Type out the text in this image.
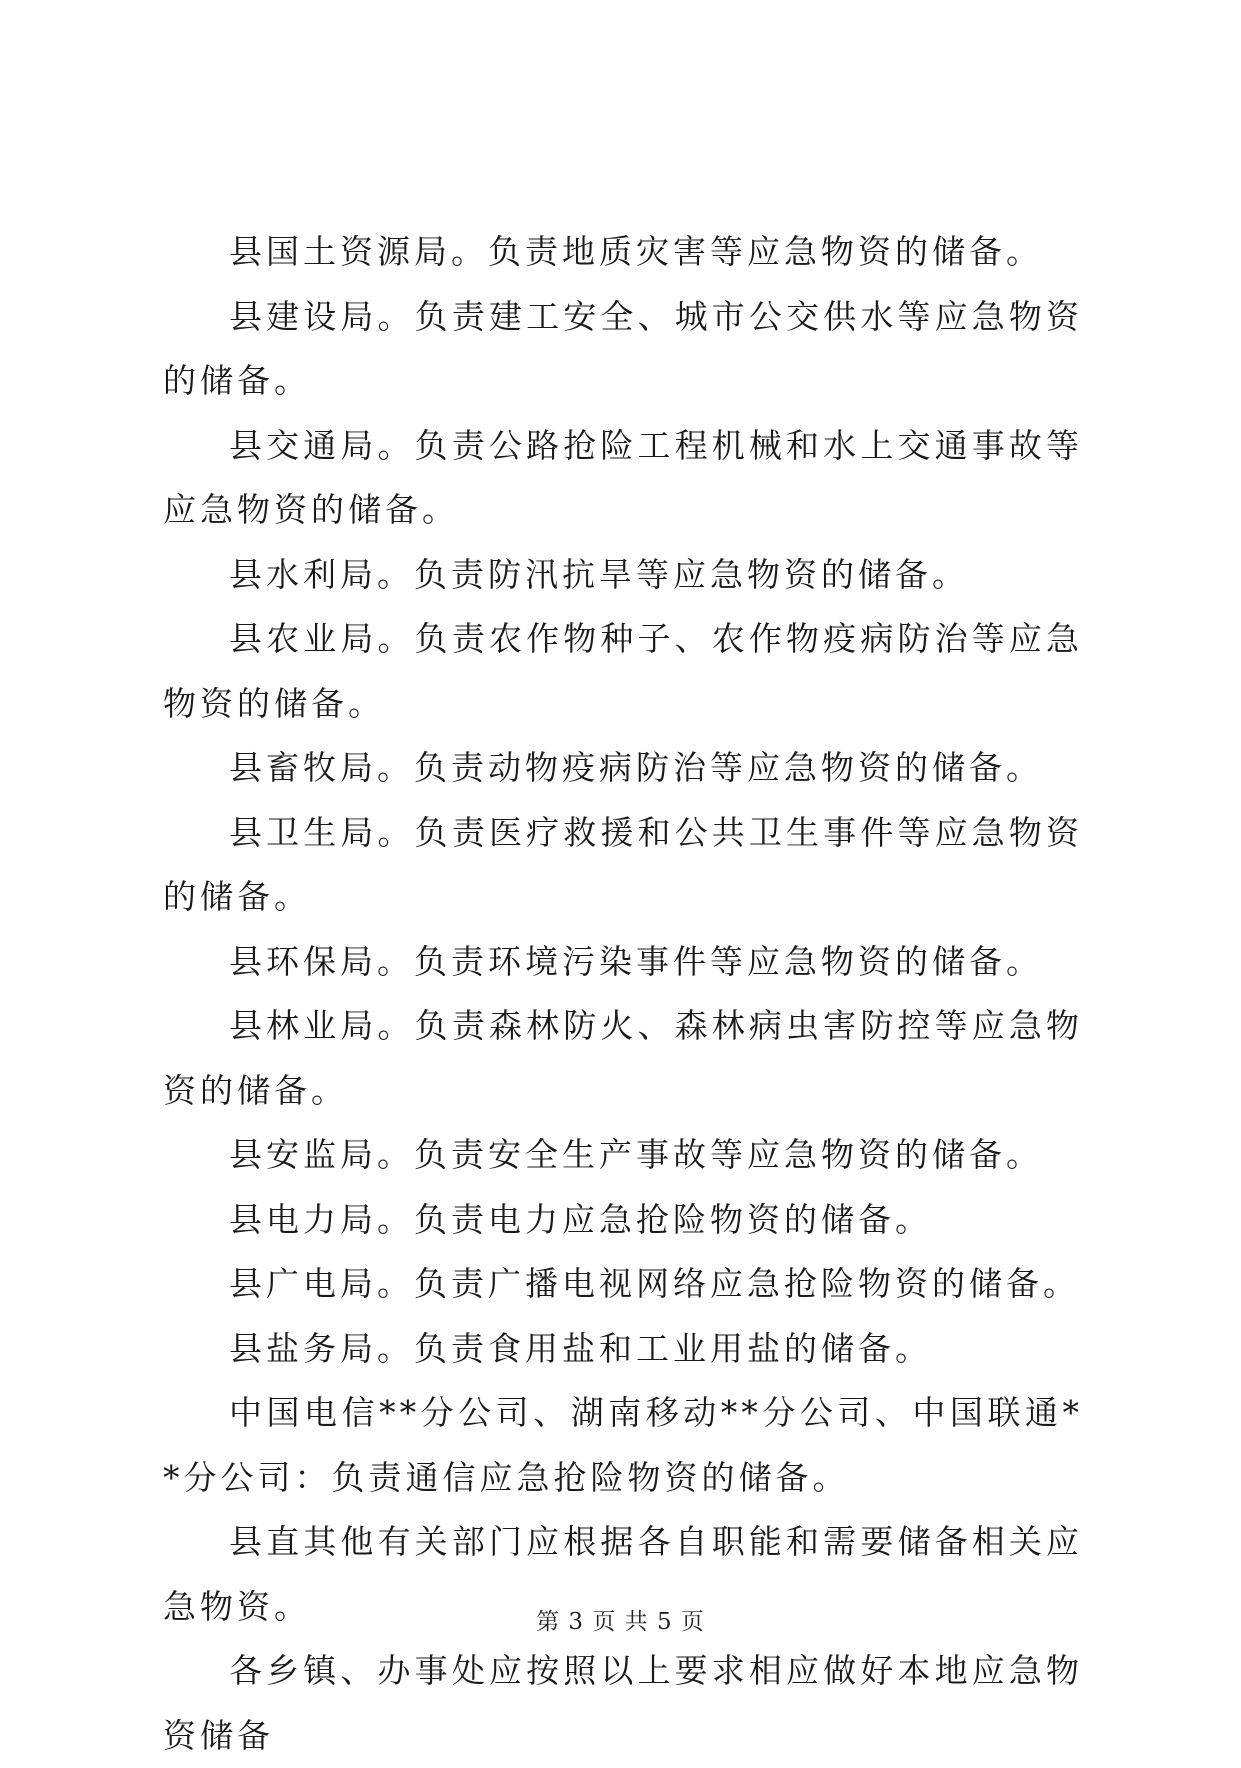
县国土资源局。负责地质灾害等应急物资的储备。

县建设局。负责建工安全、城市公交供水等应急物资的储备。

县交通局。负责公路抢险工程机械和水上交通事故等应急物资的储备。

县水利局。负责防汛抗旱等应急物资的储备。

县农业局。负责农作物种子、农作物疫病防治等应急物资的储备。

县畜牧局。负责动物疫病防治等应急物资的储备。

县卫生局。负责医疗救援和公共卫生事件等应急物资的储备。

县环保局。负责环境污染事件等应急物资的储备。

县林业局。负责森林防火、森林病虫害防控等应急物资的储备。

县安监局。负责安全生产事故等应急物资的储备。

县电力局。负责电力应急抢险物资的储备。

县广电局。负责广播电视网络应急抢险物资的储备。

县盐务局。负责食用盐和工业用盐的储备。

中国电信**分公司、湖南移动**分公司、中国联通**分公司：负责通信应急抢险物资的储备。

县直其他有关部门应根据各自职能和需要储备相关应急物资。

各乡镇、办事处应按照以上要求相应做好本地应急物资储备

第 3 页 共 5 页
